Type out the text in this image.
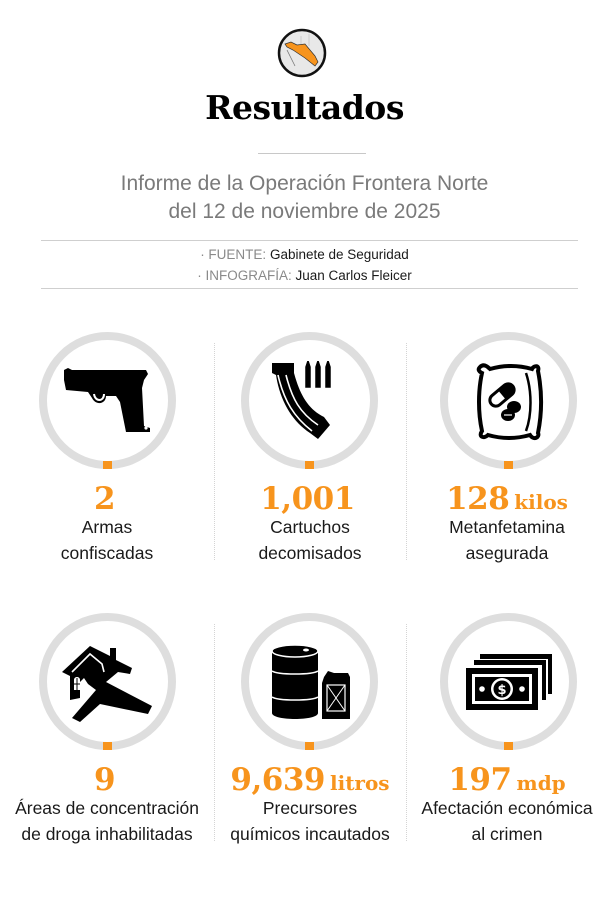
Resultados
Informe de la Operación Frontera Norte
del 12 de noviembre de 2025
· FUENTE: Gabinete de Seguridad
· INFOGRAFÍA: Juan Carlos Fleicer
2
Armas
confiscadas
1,001
Cartuchos
decomisados
128 kilos
Metanfetamina
asegurada
9
Áreas de concentración
de droga inhabilitadas
9,639 litros
Precursores
químicos incautados
$
197 mdp
Afectación económica
al crimen
